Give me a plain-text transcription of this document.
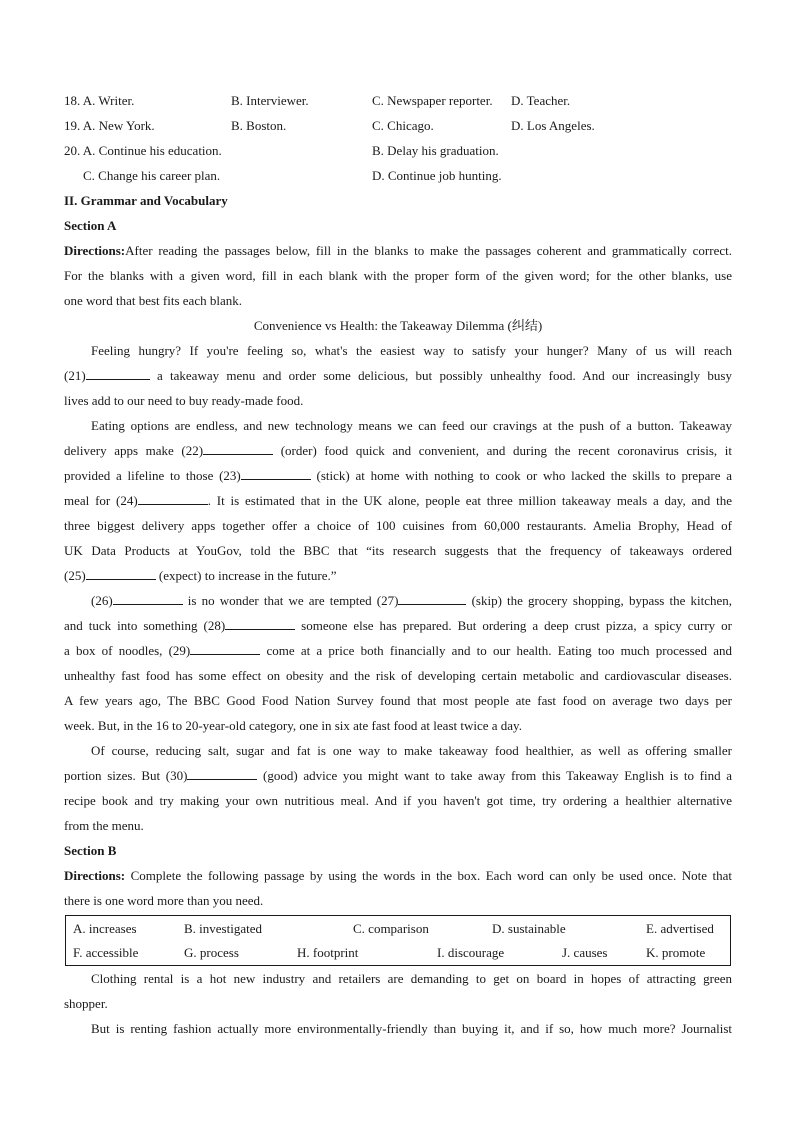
18. A. Writer.	B. Interviewer.	C. Newspaper reporter. D. Teacher.
19. A. New York.	B. Boston.	C. Chicago.	D. Los Angeles.
20. A. Continue his education.	B. Delay his graduation.
C. Change his career plan.	D. Continue job hunting.
II. Grammar and Vocabulary
Section A
Directions:After reading the passages below, fill in the blanks to make the passages coherent and grammatically correct.
For the blanks with a given word, fill in each blank with the proper form of the given word; for the other blanks, use
one word that best fits each blank.
Convenience vs Health: the Takeaway Dilemma (纠结)
Feeling hungry? If you're feeling so, what's the easiest way to satisfy your hunger? Many of us will reach
(21)	a takeaway menu and order some delicious, but possibly unhealthy food. And our increasingly busy
lives add to our need to buy ready-made food.
Eating options are endless, and new technology means we can feed our cravings at the push of a button. Takeaway
delivery apps make (22)	(order) food quick and convenient, and during the recent coronavirus crisis, it
provided a lifeline to those (23)	(stick) at home with nothing to cook or who lacked the skills to prepare a
meal for (24)	. It is estimated that in the UK alone, people eat three million takeaway meals a day, and the
three biggest delivery apps together offer a choice of 100 cuisines from 60,000 restaurants. Amelia Brophy, Head of
UK Data Products at YouGov, told the BBC that “its research suggests that the frequency of takeaways ordered
(25)	(expect) to increase in the future.”
(26)	is no wonder that we are tempted (27)	(skip) the grocery shopping, bypass the kitchen,
and tuck into something (28)	someone else has prepared. But ordering a deep crust pizza, a spicy curry or
a box of noodles, (29)	come at a price both financially and to our health. Eating too much processed and
unhealthy fast food has some effect on obesity and the risk of developing certain metabolic and cardiovascular diseases.
A few years ago, The BBC Good Food Nation Survey found that most people ate fast food on average two days per
week. But, in the 16 to 20-year-old category, one in six ate fast food at least twice a day.
Of course, reducing salt, sugar and fat is one way to make takeaway food healthier, as well as offering smaller
portion sizes. But (30)	(good) advice you might want to take away from this Takeaway English is to find a
recipe book and try making your own nutritious meal. And if you haven't got time, try ordering a healthier alternative
from the menu.
Section B
Directions: Complete the following passage by using the words in the box. Each word can only be used once. Note that
there is one word more than you need.
A. increases	B. investigated	C. comparison	D. sustainable	E. advertised
F. accessible	G. process	H. footprint	I. discourage	J. causes	K. promote
Clothing rental is a hot new industry and retailers are demanding to get on board in hopes of attracting green
shopper.
But is renting fashion actually more environmentally-friendly than buying it, and if so, how much more? Journalist
